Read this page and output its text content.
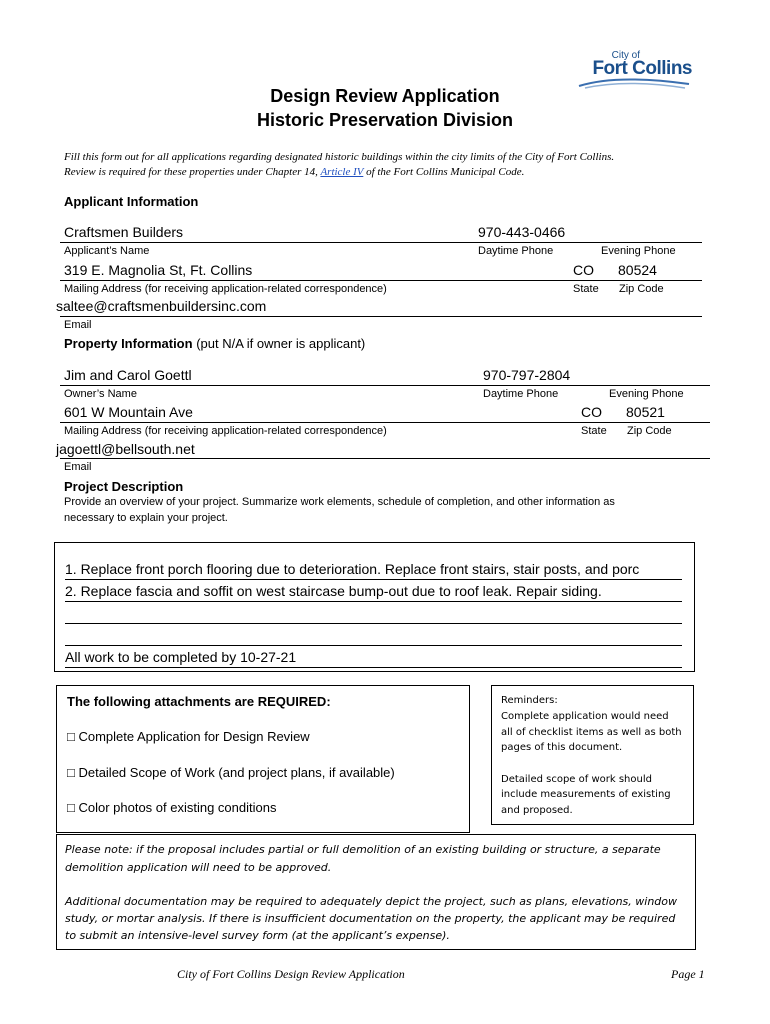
City of
Fort Collins
Design Review Application
Historic Preservation Division
Fill this form out for all applications regarding designated historic buildings within the city limits of the City of Fort Collins.
Review is required for these properties under Chapter 14, Article IV of the Fort Collins Municipal Code.
Applicant Information
Craftsmen Builders	970-443-0466
Applicant’s Name	Daytime Phone	Evening Phone
319 E. Magnolia St, Ft. Collins	CO 80524
Mailing Address (for receiving application-related correspondence)	State Zip Code
saltee@craftsmenbuildersinc.com
Email
Property Information (put N/A if owner is applicant)
Jim and Carol Goettl	970-797-2804
Owner’s Name	Daytime Phone	Evening Phone
601 W Mountain Ave	CO 80521
Mailing Address (for receiving application-related correspondence)	State Zip Code
jagoettl@bellsouth.net
Email
Project Description
Provide an overview of your project. Summarize work elements, schedule of completion, and other information as
necessary to explain your project.
1. Replace front porch flooring due to deterioration. Replace front stairs, stair posts, and porc
2. Replace fascia and soffit on west staircase bump-out due to roof leak. Repair siding.
All work to be completed by 10-27-21
The following attachments are REQUIRED:
□ Complete Application for Design Review
□ Detailed Scope of Work (and project plans, if available)
□ Color photos of existing conditions
Reminders:
Complete application would need
all of checklist items as well as both
pages of this document.
Detailed scope of work should
include measurements of existing
and proposed.
Please note: if the proposal includes partial or full demolition of an existing building or structure, a separate
demolition application will need to be approved.
Additional documentation may be required to adequately depict the project, such as plans, elevations, window
study, or mortar analysis. If there is insufficient documentation on the property, the applicant may be required
to submit an intensive-level survey form (at the applicant’s expense).
City of Fort Collins Design Review Application	Page 1
